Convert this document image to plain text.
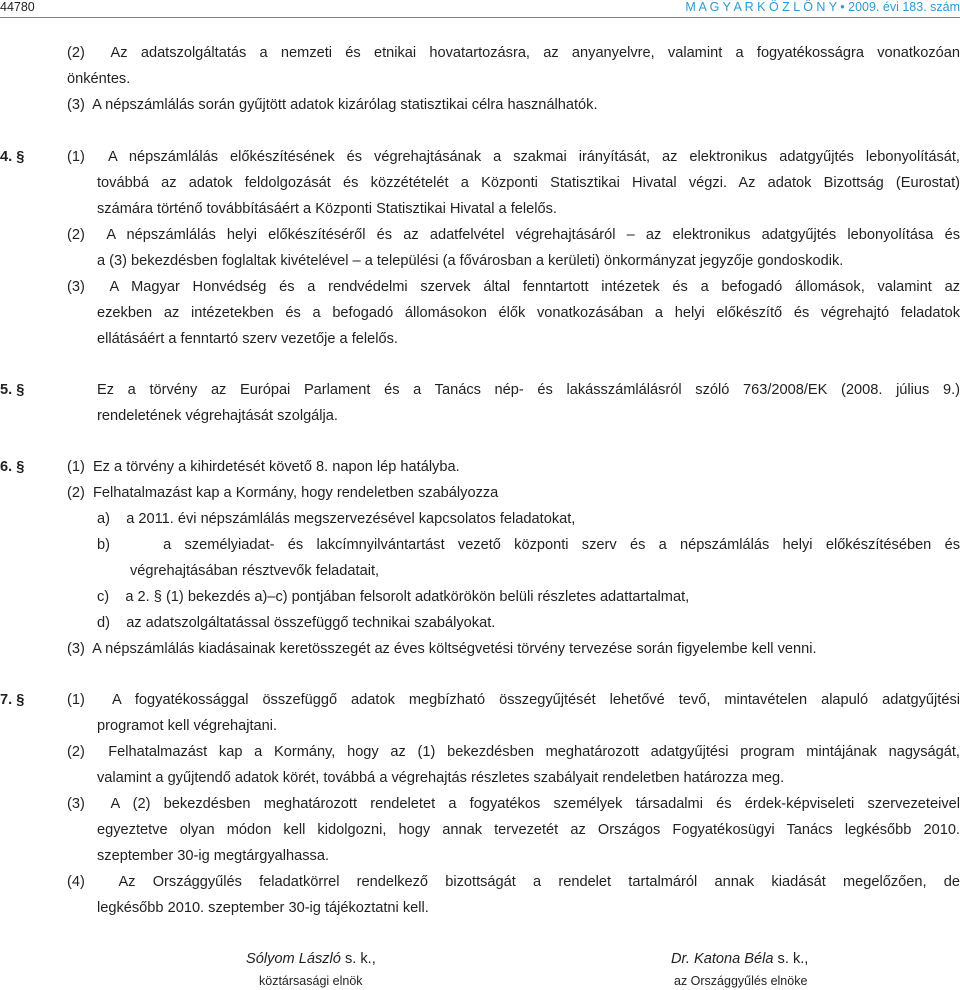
44780	M A G Y A R K Ö Z L Ö N Y • 2009. évi 183. szám
(2)  Az adatszolgáltatás a nemzeti és etnikai hovatartozásra, az anyanyelvre, valamint a fogyatékosságra vonatkozóan
önkéntes.
(3)  A népszámlálás során gyűjtött adatok kizárólag statisztikai célra használhatók.
4. §	(1)  A népszámlálás előkészítésének és végrehajtásának a szakmai irányítását, az elektronikus adatgyűjtés lebonyolítását,
továbbá az adatok feldolgozását és közzétételét a Központi Statisztikai Hivatal végzi. Az adatok Bizottság (Eurostat)
számára történő továbbításáért a Központi Statisztikai Hivatal a felelős.
(2)  A népszámlálás helyi előkészítéséről és az adatfelvétel végrehajtásáról – az elektronikus adatgyűjtés lebonyolítása és
a (3) bekezdésben foglaltak kivételével – a települési (a fővárosban a kerületi) önkormányzat jegyzője gondoskodik.
(3)  A Magyar Honvédség és a rendvédelmi szervek által fenntartott intézetek és a befogadó állomások, valamint az
ezekben az intézetekben és a befogadó állomásokon élők vonatkozásában a helyi előkészítő és végrehajtó feladatok
ellátásáért a fenntartó szerv vezetője a felelős.
5. §	Ez a törvény az Európai Parlament és a Tanács nép- és lakásszámlálásról szóló 763/2008/EK (2008. július 9.)
rendeletének végrehajtását szolgálja.
6. §	(1)  Ez a törvény a kihirdetését követő 8. napon lép hatályba.
(2)  Felhatalmazást kap a Kormány, hogy rendeletben szabályozza
a)    a 2011. évi népszámlálás megszervezésével kapcsolatos feladatokat,
b)    a személyiadat- és lakcímnyilvántartást vezető központi szerv és a népszámlálás helyi előkészítésében és
végrehajtásában résztvevők feladatait,
c)    a 2. § (1) bekezdés a)–c) pontjában felsorolt adatkörökön belüli részletes adattartalmat,
d)    az adatszolgáltatással összefüggő technikai szabályokat.
(3)  A népszámlálás kiadásainak keretösszegét az éves költségvetési törvény tervezése során figyelembe kell venni.
7. §	(1)  A fogyatékossággal összefüggő adatok megbízható összegyűjtését lehetővé tevő, mintavételen alapuló adatgyűjtési
programot kell végrehajtani.
(2)  Felhatalmazást kap a Kormány, hogy az (1) bekezdésben meghatározott adatgyűjtési program mintájának nagyságát,
valamint a gyűjtendő adatok körét, továbbá a végrehajtás részletes szabályait rendeletben határozza meg.
(3)  A (2) bekezdésben meghatározott rendeletet a fogyatékos személyek társadalmi és érdek-képviseleti szervezeteivel
egyeztetve olyan módon kell kidolgozni, hogy annak tervezetét az Országos Fogyatékosügyi Tanács legkésőbb 2010.
szeptember 30-ig megtárgyalhassa.
(4)  Az Országgyűlés feladatkörrel rendelkező bizottságát a rendelet tartalmáról annak kiadását megelőzően, de
legkésőbb 2010. szeptember 30-ig tájékoztatni kell.
Sólyom László s. k.,
köztársasági elnök
Dr. Katona Béla s. k.,
az Országgyűlés elnöke
